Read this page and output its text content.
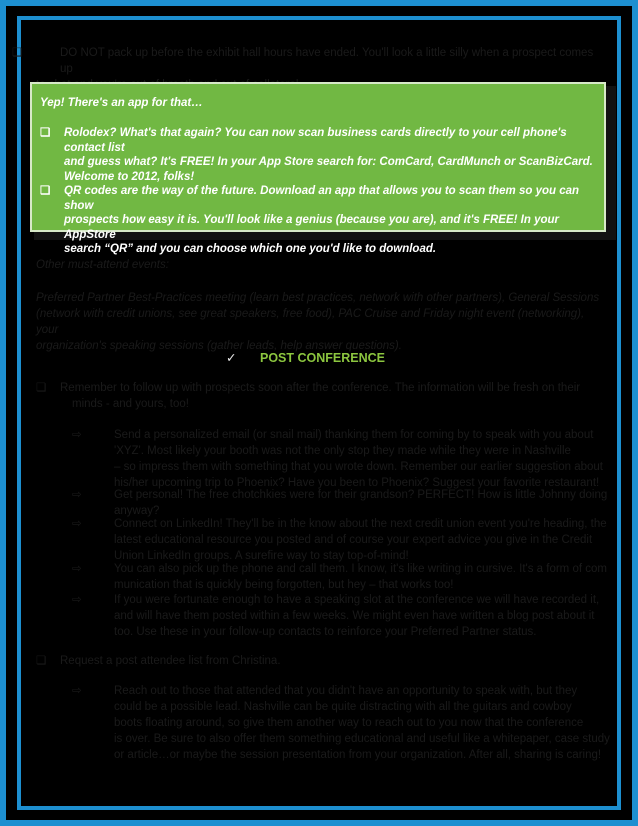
❏	DO NOT pack up before the exhibit hall hours have ended. You'll look a little silly when a prospect comes up
Yep! There's an app for that…
❏	Rolodex? What's that again? You can now scan business cards directly to your cell phone's contact list
and guess what? It's FREE! In your App Store search for: ComCard, CardMunch or ScanBizCard.
Welcome to 2012, folks!
❏	QR codes are the way of the future. Download an app that allows you to scan them so you can show
prospects how easy it is. You'll look like a genius (because you are), and it's FREE! In your AppStore
search “QR” and you can choose which one you'd like to download.
Other must-attend events:
Preferred Partner Best-Practices meeting (learn best practices, network with other partners), General Sessions
(network with credit unions, see great speakers, free food), PAC Cruise and Friday night event (networking), your
organization's speaking sessions (gather leads, help answer questions).
✓ POST CONFERENCE
❏	Remember to follow up with prospects soon after the conference. The information will be fresh on their
minds - and yours, too!
⇨	Send a personalized email (or snail mail) thanking them for coming by to speak with you about
'XYZ'. Most likely your booth was not the only stop they made while they were in Nashville
– so impress them with something that you wrote down. Remember our earlier suggestion about
his/her upcoming trip to Phoenix? Have you been to Phoenix? Suggest your favorite restaurant!
⇨	Get personal! The free chotchkies were for their grandson? PERFECT! How is little Johnny doing
anyway?
⇨	Connect on LinkedIn! They'll be in the know about the next credit union event you're heading, the
latest educational resource you posted and of course your expert advice you give in the Credit
Union LinkedIn groups. A surefire way to stay top-of-mind!
⇨	You can also pick up the phone and call them. I know, it's like writing in cursive. It's a form of com
munication that is quickly being forgotten, but hey – that works too!
⇨	If you were fortunate enough to have a speaking slot at the conference we will have recorded it,
and will have them posted within a few weeks. We might even have written a blog post about it
too. Use these in your follow-up contacts to reinforce your Preferred Partner status.
❏	Request a post attendee list from Christina.
⇨	Reach out to those that attended that you didn't have an opportunity to speak with, but they
could be a possible lead. Nashville can be quite distracting with all the guitars and cowboy
boots floating around, so give them another way to reach out to you now that the conference
is over. Be sure to also offer them something educational and useful like a whitepaper, case study
or article…or maybe the session presentation from your organization. After all, sharing is caring!
